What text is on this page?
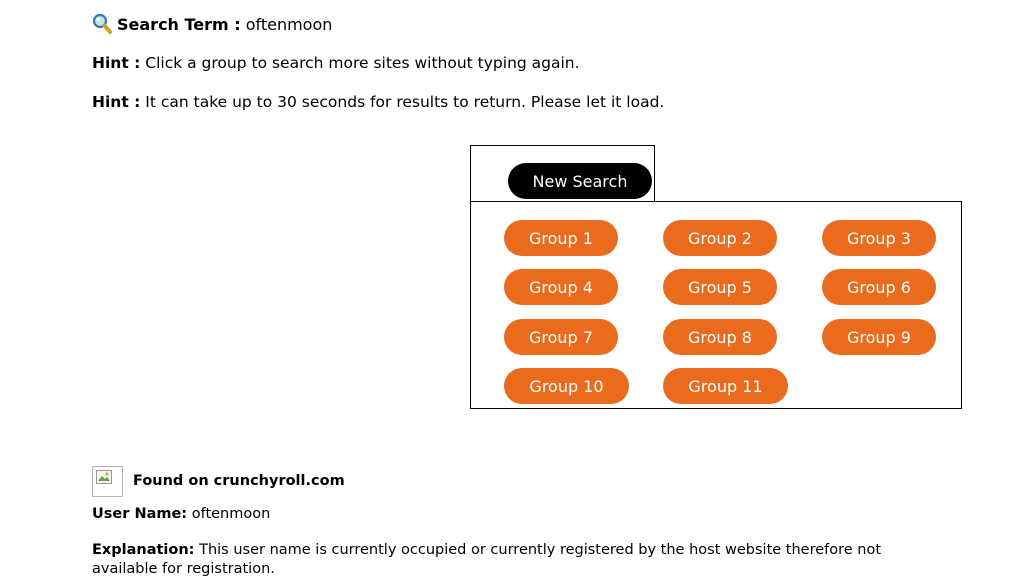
Search Term : oftenmoon
Hint : Click a group to search more sites without typing again.
Hint : It can take up to 30 seconds for results to return. Please let it load.
New Search
Group 1	Group 2	Group 3
Group 4	Group 5	Group 6
Group 7	Group 8	Group 9
Group 10	Group 11
Found on crunchyroll.com
User Name: oftenmoon
Explanation: This user name is currently occupied or currently registered by the host website therefore not available for registration.
